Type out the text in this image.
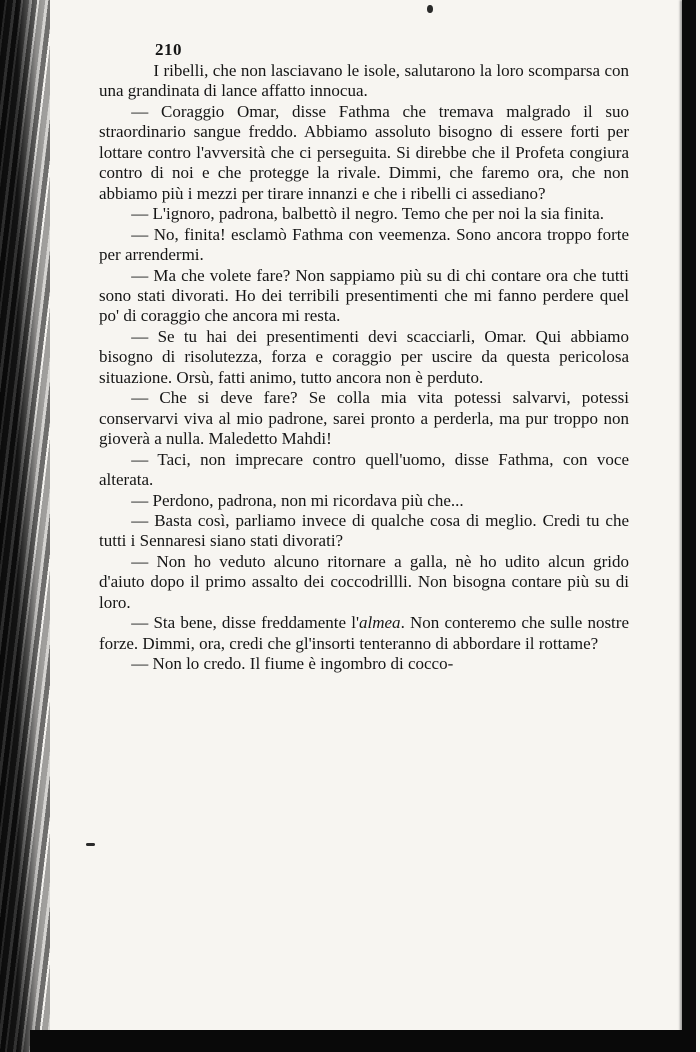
210

I ribelli, che non lasciavano le isole, salutarono la loro scomparsa con una grandinata di lance affatto innocua.

— Coraggio Omar, disse Fathma che tremava malgrado il suo straordinario sangue freddo. Abbiamo assoluto bisogno di essere forti per lottare contro l'avversità che ci perseguita. Si direbbe che il Profeta congiura contro di noi e che protegge la rivale. Dimmi, che faremo ora, che non abbiamo più i mezzi per tirare innanzi e che i ribelli ci assediano?

— L'ignoro, padrona, balbettò il negro. Temo che per noi la sia finita.

— No, finita! esclamò Fathma con veemenza. Sono ancora troppo forte per arrendermi.

— Ma che volete fare? Non sappiamo più su di chi contare ora che tutti sono stati divorati. Ho dei terribili presentimenti che mi fanno perdere quel po' di coraggio che ancora mi resta.

— Se tu hai dei presentimenti devi scacciarli, Omar. Qui abbiamo bisogno di risolutezza, forza e coraggio per uscire da questa pericolosa situazione. Orsù, fatti animo, tutto ancora non è perduto.

— Che si deve fare? Se colla mia vita potessi salvarvi, potessi conservarvi viva al mio padrone, sarei pronto a perderla, ma pur troppo non gioverà a nulla. Maledetto Mahdi!

— Taci, non imprecare contro quell'uomo, disse Fathma, con voce alterata.

— Perdono, padrona, non mi ricordava più che...

— Basta così, parliamo invece di qualche cosa di meglio. Credi tu che tutti i Sennaresi siano stati divorati?

— Non ho veduto alcuno ritornare a galla, nè ho udito alcun grido d'aiuto dopo il primo assalto dei coccodrillli. Non bisogna contare più su di loro.

— Sta bene, disse freddamente l'almea. Non conteremo che sulle nostre forze. Dimmi, ora, credi che gl'insorti tenteranno di abbordare il rottame?

— Non lo credo. Il fiume è ingombro di cocco-
